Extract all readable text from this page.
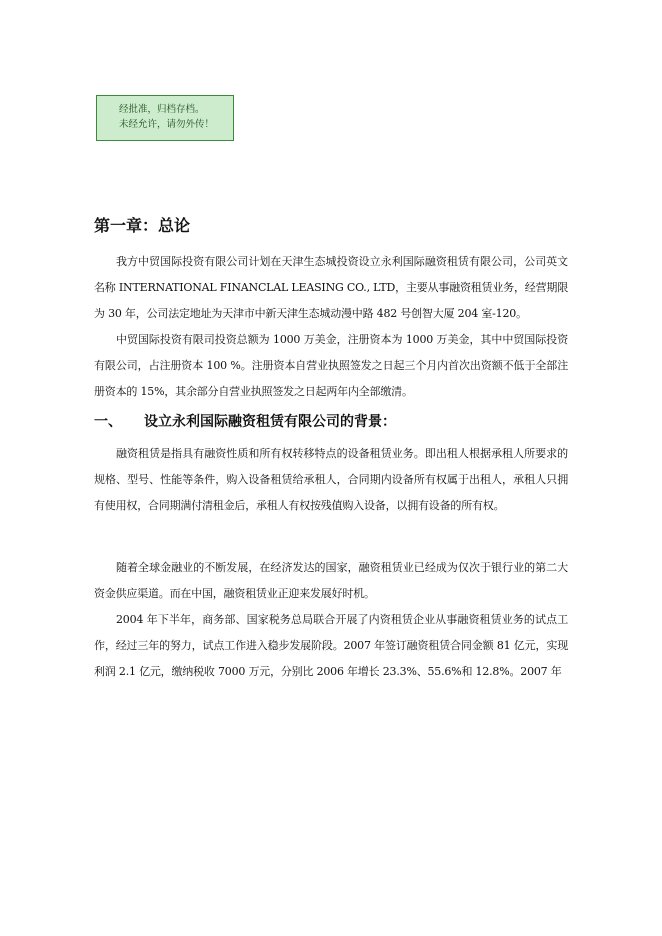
经批准，归档存档。
未经允许，请勿外传！
第一章：总论

我方中贸国际投资有限公司计划在天津生态城投资设立永利国际融资租赁有限公司，公司英文名称 INTERNATIONAL FINANCLAL LEASING CO., LTD，主要从事融资租赁业务，经营期限为 30 年，公司法定地址为天津市中新天津生态城动漫中路 482 号创智大厦 204 室-120。

中贸国际投资有限司投资总额为 1000 万美金，注册资本为 1000 万美金，其中中贸国际投资有限公司，占注册资本 100 %。注册资本自营业执照签发之日起三个月内首次出资额不低于全部注册资本的 15%，其余部分自营业执照签发之日起两年内全部缴清。

一、 设立永利国际融资租赁有限公司的背景：

融资租赁是指具有融资性质和所有权转移特点的设备租赁业务。即出租人根据承租人所要求的规格、型号、性能等条件，购入设备租赁给承租人，合同期内设备所有权属于出租人，承租人只拥有使用权，合同期满付清租金后，承租人有权按残值购入设备，以拥有设备的所有权。

随着全球金融业的不断发展，在经济发达的国家，融资租赁业已经成为仅次于银行业的第二大资金供应渠道。而在中国，融资租赁业正迎来发展好时机。

2004 年下半年，商务部、国家税务总局联合开展了内资租赁企业从事融资租赁业务的试点工作，经过三年的努力，试点工作进入稳步发展阶段。2007 年签订融资租赁合同金额 81 亿元，实现利润 2.1 亿元，缴纳税收 7000 万元，分别比 2006 年增长 23.3%、55.6%和 12.8%。2007 年
